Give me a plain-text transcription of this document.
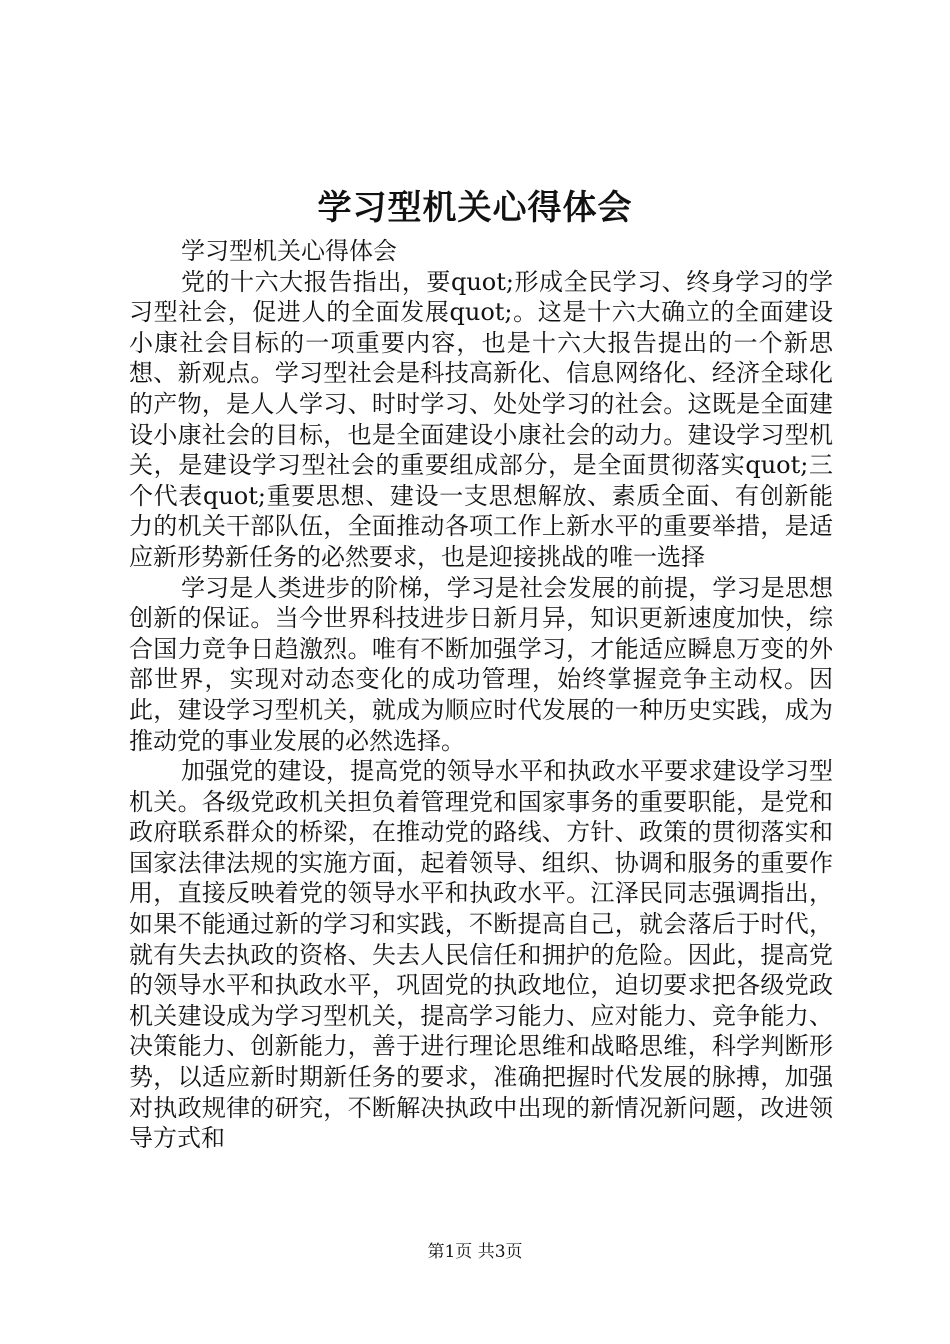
学习型机关心得体会

学习型机关心得体会

党的十六大报告指出，要quot;形成全民学习、终身学习的学习型社会，促进人的全面发展quot;。这是十六大确立的全面建设小康社会目标的一项重要内容，也是十六大报告提出的一个新思想、新观点。学习型社会是科技高新化、信息网络化、经济全球化的产物，是人人学习、时时学习、处处学习的社会。这既是全面建设小康社会的目标，也是全面建设小康社会的动力。建设学习型机关，是建设学习型社会的重要组成部分，是全面贯彻落实quot;三个代表quot;重要思想、建设一支思想解放、素质全面、有创新能力的机关干部队伍，全面推动各项工作上新水平的重要举措，是适应新形势新任务的必然要求，也是迎接挑战的唯一选择

学习是人类进步的阶梯，学习是社会发展的前提，学习是思想创新的保证。当今世界科技进步日新月异，知识更新速度加快，综合国力竞争日趋激烈。唯有不断加强学习，才能适应瞬息万变的外部世界，实现对动态变化的成功管理，始终掌握竞争主动权。因此，建设学习型机关，就成为顺应时代发展的一种历史实践，成为推动党的事业发展的必然选择。

加强党的建设，提高党的领导水平和执政水平要求建设学习型机关。各级党政机关担负着管理党和国家事务的重要职能，是党和政府联系群众的桥梁，在推动党的路线、方针、政策的贯彻落实和国家法律法规的实施方面，起着领导、组织、协调和服务的重要作用，直接反映着党的领导水平和执政水平。江泽民同志强调指出，如果不能通过新的学习和实践，不断提高自己，就会落后于时代，就有失去执政的资格、失去人民信任和拥护的危险。因此，提高党的领导水平和执政水平，巩固党的执政地位，迫切要求把各级党政机关建设成为学习型机关，提高学习能力、应对能力、竞争能力、决策能力、创新能力，善于进行理论思维和战略思维，科学判断形势，以适应新时期新任务的要求，准确把握时代发展的脉搏，加强对执政规律的研究，不断解决执政中出现的新情况新问题，改进领导方式和

第1页 共3页
